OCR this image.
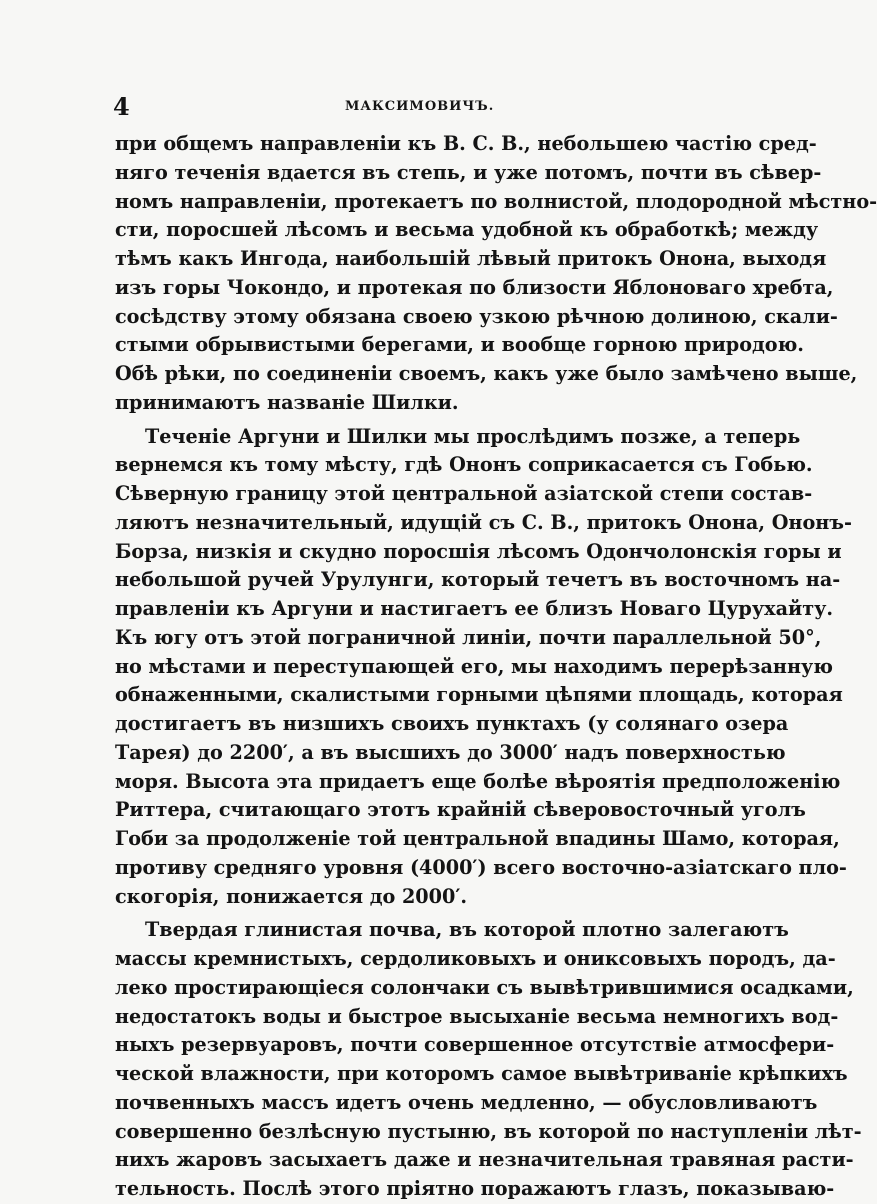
4	МАКСИМОВИЧЪ.
при общемъ направленіи къ В. С. В., небольшею частію сред-
няго теченія вдается въ степь, и уже потомъ, почти въ сѣвер-
номъ направленіи, протекаетъ по волнистой, плодородной мѣстно-
сти, поросшей лѣсомъ и весьма удобной къ обработкѣ; между
тѣмъ какъ Ингода, наибольшій лѣвый притокъ Онона, выходя
изъ горы Чокондо, и протекая по близости Яблоноваго хребта,
сосѣдству этому обязана своею узкою рѣчною долиною, скали-
стыми обрывистыми берегами, и вообще горною природою.
Обѣ рѣки, по соединеніи своемъ, какъ уже было замѣчено выше,
принимаютъ названіе Шилки.
Теченіе Аргуни и Шилки мы прослѣдимъ позже, а теперь
вернемся къ тому мѣсту, гдѣ Ононъ соприкасается съ Гобью.
Сѣверную границу этой центральной азіатской степи состав-
ляютъ незначительный, идущій съ С. В., притокъ Онона, Ононъ-
Борза, низкія и скудно поросшія лѣсомъ Одончолонскія горы и
небольшой ручей Урулунги, который течетъ въ восточномъ на-
правленіи къ Аргуни и настигаетъ ее близъ Новаго Цурухайту.
Къ югу отъ этой пограничной линіи, почти параллельной 50°,
но мѣстами и переступающей его, мы находимъ перерѣзанную
обнаженными, скалистыми горными цѣпями площадь, которая
достигаетъ въ низшихъ своихъ пунктахъ (у солянаго озера
Тарея) до 2200′, а въ высшихъ до 3000′ надъ поверхностью
моря. Высота эта придаетъ еще болѣе вѣроятія предположенію
Риттера, считающаго этотъ крайній сѣверовосточный уголъ
Гоби за продолженіе той центральной впадины Шамо, которая,
противу средняго уровня (4000′) всего восточно-азіатскаго пло-
скогорія, понижается до 2000′.
Твердая глинистая почва, въ которой плотно залегаютъ
массы кремнистыхъ, сердоликовыхъ и ониксовыхъ породъ, да-
леко простирающіеся солончаки съ вывѣтрившимися осадками,
недостатокъ воды и быстрое высыханіе весьма немногихъ вод-
ныхъ резервуаровъ, почти совершенное отсутствіе атмосфери-
ческой влажности, при которомъ самое вывѣтриваніе крѣпкихъ
почвенныхъ массъ идетъ очень медленно, — обусловливаютъ
совершенно безлѣсную пустыню, въ которой по наступленіи лѣт-
нихъ жаровъ засыхаетъ даже и незначительная травяная расти-
тельность. Послѣ этого пріятно поражаютъ глазъ, показываю-
